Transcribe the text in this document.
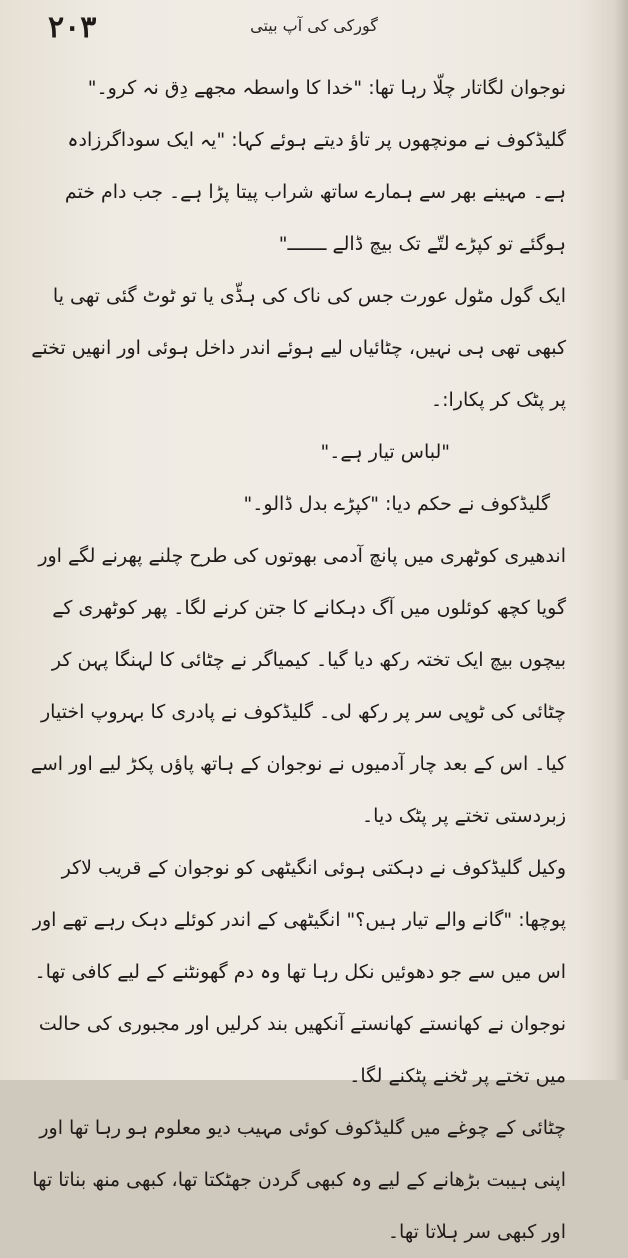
۲۰۳	گورکی کی آپ بیتی

نوجوان لگاتار چلّا رہا تھا: "خدا کا واسطہ مجھے دِق نہ کرو۔"

گلیڈکوف نے مونچھوں پر تاؤ دیتے ہوئے کہا: "یہ ایک سوداگرزادہ ہے۔ مہینے بھر سے ہمارے ساتھ شراب پیتا پڑا ہے۔ جب دام ختم ہوگئے تو کپڑے لتّے تک بیچ ڈالے ـــــــ"

ایک گول مٹول عورت جس کی ناک کی ہڈّی یا تو ٹوٹ گئی تھی یا کبھی تھی ہی نہیں، چٹائیاں لیے ہوئے اندر داخل ہوئی اور انھیں تختے پر پٹک کر پکارا:۔

"لباس تیار ہے۔"

گلیڈکوف نے حکم دیا: "کپڑے بدل ڈالو۔"

اندھیری کوٹھری میں پانچ آدمی بھوتوں کی طرح چلنے پھرنے لگے اور گویا کچھ کوئلوں میں آگ دہکانے کا جتن کرنے لگا۔ پھر کوٹھری کے بیچوں بیچ ایک تختہ رکھ دیا گیا۔ کیمیاگر نے چٹائی کا لہنگا پہن کر چٹائی کی ٹوپی سر پر رکھ لی۔ گلیڈکوف نے پادری کا بہروپ اختیار کیا۔ اس کے بعد چار آدمیوں نے نوجوان کے ہاتھ پاؤں پکڑ لیے اور اسے زبردستی تختے پر پٹک دیا۔

وکیل گلیڈکوف نے دہکتی ہوئی انگیٹھی کو نوجوان کے قریب لاکر پوچھا: "گانے والے تیار ہیں؟" انگیٹھی کے اندر کوئلے دہک رہے تھے اور اس میں سے جو دھوئیں نکل رہا تھا وہ دم گھونٹنے کے لیے کافی تھا۔ نوجوان نے کھانستے کھانستے آنکھیں بند کرلیں اور مجبوری کی حالت میں تختے پر ٹخنے پٹکنے لگا۔

چٹائی کے چوغے میں گلیڈکوف کوئی مہیب دیو معلوم ہو رہا تھا اور اپنی ہیبت بڑھانے کے لیے وہ کبھی گردن جھٹکتا تھا، کبھی منھ بناتا تھا اور کبھی سر ہلاتا تھا۔
